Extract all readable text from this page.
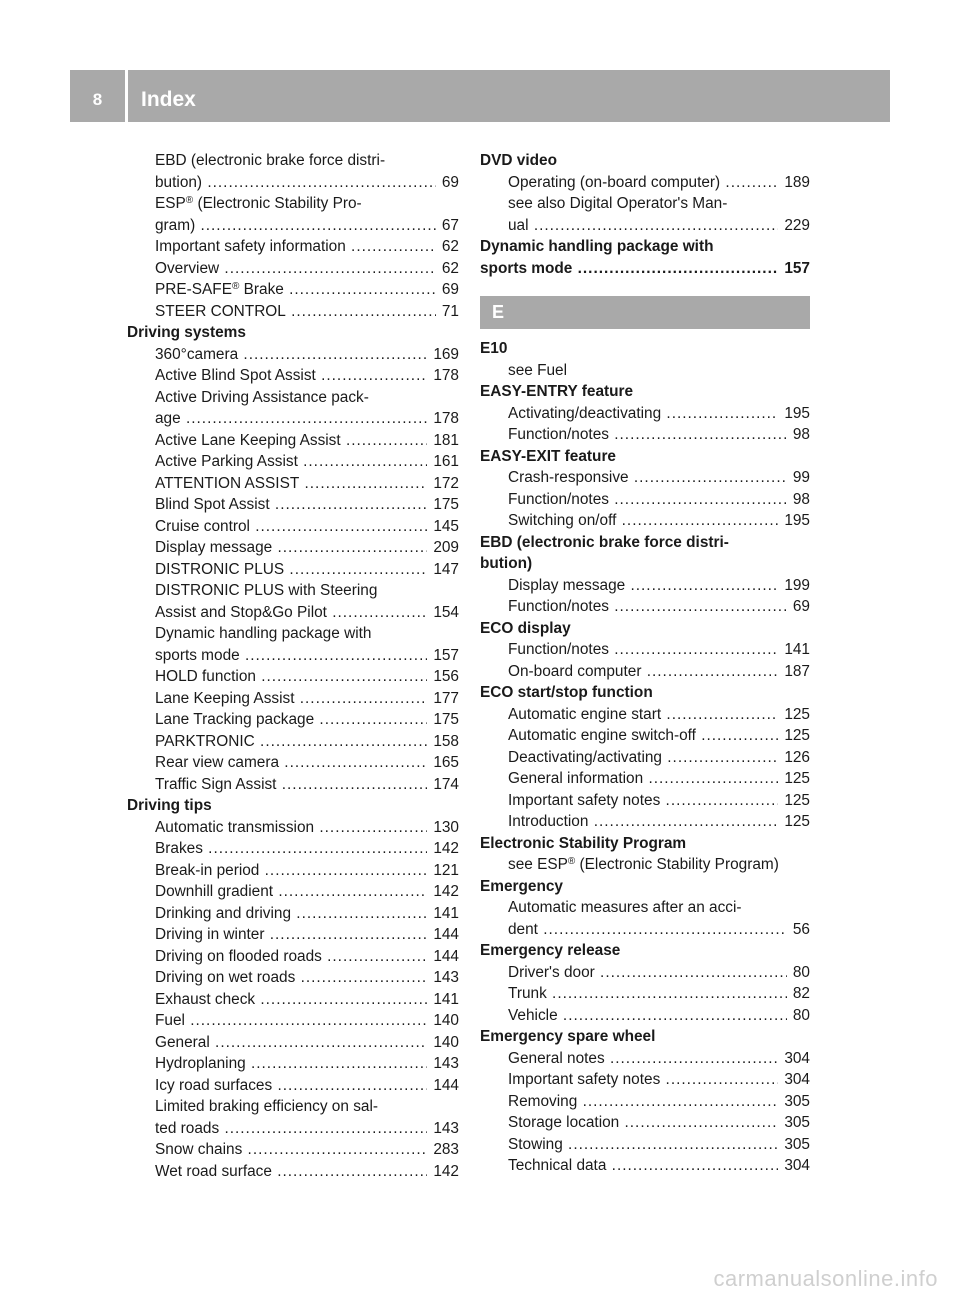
8	Index
EBD (electronic brake force distri-
bution) .....	69
ESP® (Electronic Stability Pro-
gram) .....	67
Important safety information .....	62
Overview .....	62
PRE-SAFE® Brake .....	69
STEER CONTROL .....	71
Driving systems
360°camera .....	169
Active Blind Spot Assist .....	178
Active Driving Assistance pack-
age .....	178
Active Lane Keeping Assist .....	181
Active Parking Assist .....	161
ATTENTION ASSIST .....	172
Blind Spot Assist .....	175
Cruise control .....	145
Display message .....	209
DISTRONIC PLUS .....	147
DISTRONIC PLUS with Steering
Assist and Stop&Go Pilot .....	154
Dynamic handling package with
sports mode .....	157
HOLD function .....	156
Lane Keeping Assist .....	177
Lane Tracking package .....	175
PARKTRONIC .....	158
Rear view camera .....	165
Traffic Sign Assist .....	174
Driving tips
Automatic transmission .....	130
Brakes .....	142
Break-in period .....	121
Downhill gradient .....	142
Drinking and driving .....	141
Driving in winter .....	144
Driving on flooded roads .....	144
Driving on wet roads .....	143
Exhaust check .....	141
Fuel .....	140
General .....	140
Hydroplaning .....	143
Icy road surfaces .....	144
Limited braking efficiency on sal-
ted roads .....	143
Snow chains .....	283
Wet road surface .....	142
DVD video
Operating (on-board computer) .....	189
see also Digital Operator's Man-
ual .....	229
Dynamic handling package with
sports mode .....	157
E
E10
see Fuel
EASY-ENTRY feature
Activating/deactivating .....	195
Function/notes .....	98
EASY-EXIT feature
Crash-responsive .....	99
Function/notes .....	98
Switching on/off .....	195
EBD (electronic brake force distri-
bution)
Display message .....	199
Function/notes .....	69
ECO display
Function/notes .....	141
On-board computer .....	187
ECO start/stop function
Automatic engine start .....	125
Automatic engine switch-off .....	125
Deactivating/activating .....	126
General information .....	125
Important safety notes .....	125
Introduction .....	125
Electronic Stability Program
see ESP® (Electronic Stability Program)
Emergency
Automatic measures after an acci-
dent .....	56
Emergency release
Driver's door .....	80
Trunk .....	82
Vehicle .....	80
Emergency spare wheel
General notes .....	304
Important safety notes .....	304
Removing .....	305
Storage location .....	305
Stowing .....	305
Technical data .....	304
carmanualsonline.info
